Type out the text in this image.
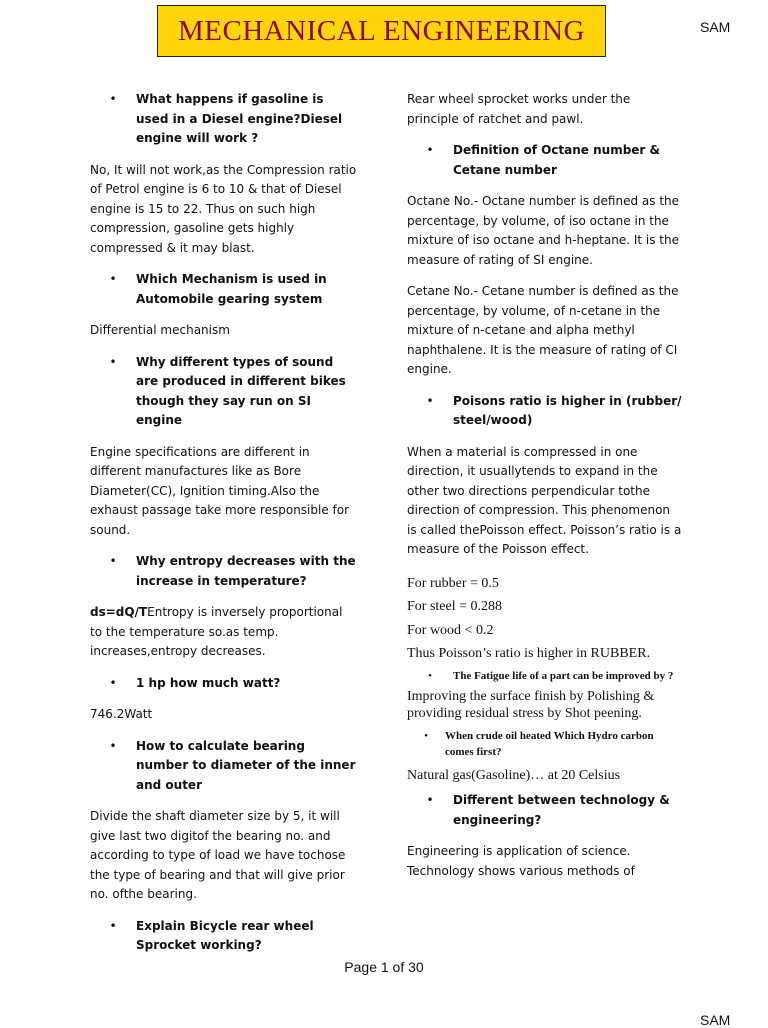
MECHANICAL ENGINEERING	SAM
•	What happens if gasoline is used in a Diesel engine?Diesel engine will work ?

No, It will not work,as the Compression ratio of Petrol engine is 6 to 10 & that of Diesel engine is 15 to 22. Thus on such high compression, gasoline gets highly compressed & it may blast.

•	Which Mechanism is used in Automobile gearing system

Differential mechanism

•	Why different types of sound are produced in different bikes though they say run on SI engine

Engine specifications are different in different manufactures like as Bore Diameter(CC), Ignition timing.Also the exhaust passage take more responsible for sound.

•	Why entropy decreases with the increase in temperature?

ds=dQ/TEntropy is inversely proportional to the temperature so.as temp. increases,entropy decreases.

•	1 hp how much watt?

746.2Watt

•	How to calculate bearing number to diameter of the inner and outer

Divide the shaft diameter size by 5, it will give last two digitof the bearing no. and according to type of load we have tochose the type of bearing and that will give prior no. ofthe bearing.

•	Explain Bicycle rear wheel Sprocket working?

Rear wheel sprocket works under the principle of ratchet and pawl.

•	Definition of Octane number & Cetane number

Octane No.- Octane number is defined as the percentage, by volume, of iso octane in the mixture of iso octane and h-heptane. It is the measure of rating of SI engine.

Cetane No.- Cetane number is defined as the percentage, by volume, of n-cetane in the mixture of n-cetane and alpha methyl naphthalene. It is the measure of rating of CI engine.

•	Poisons ratio is higher in (rubber/ steel/wood)

When a material is compressed in one direction, it usuallytends to expand in the other two directions perpendicular tothe direction of compression. This phenomenon is called thePoisson effect. Poisson’s ratio is a measure of the Poisson effect.

For rubber = 0.5

For steel = 0.288

For wood < 0.2

Thus Poisson’s ratio is higher in RUBBER.

•	The Fatigue life of a part can be improved by ?

Improving the surface finish by Polishing & providing residual stress by Shot peening.

•	When crude oil heated Which Hydro carbon comes first?

Natural gas(Gasoline)… at 20 Celsius

•	Different between technology & engineering?

Engineering is application of science. Technology shows various methods of

Page 1 of 30
SAM
